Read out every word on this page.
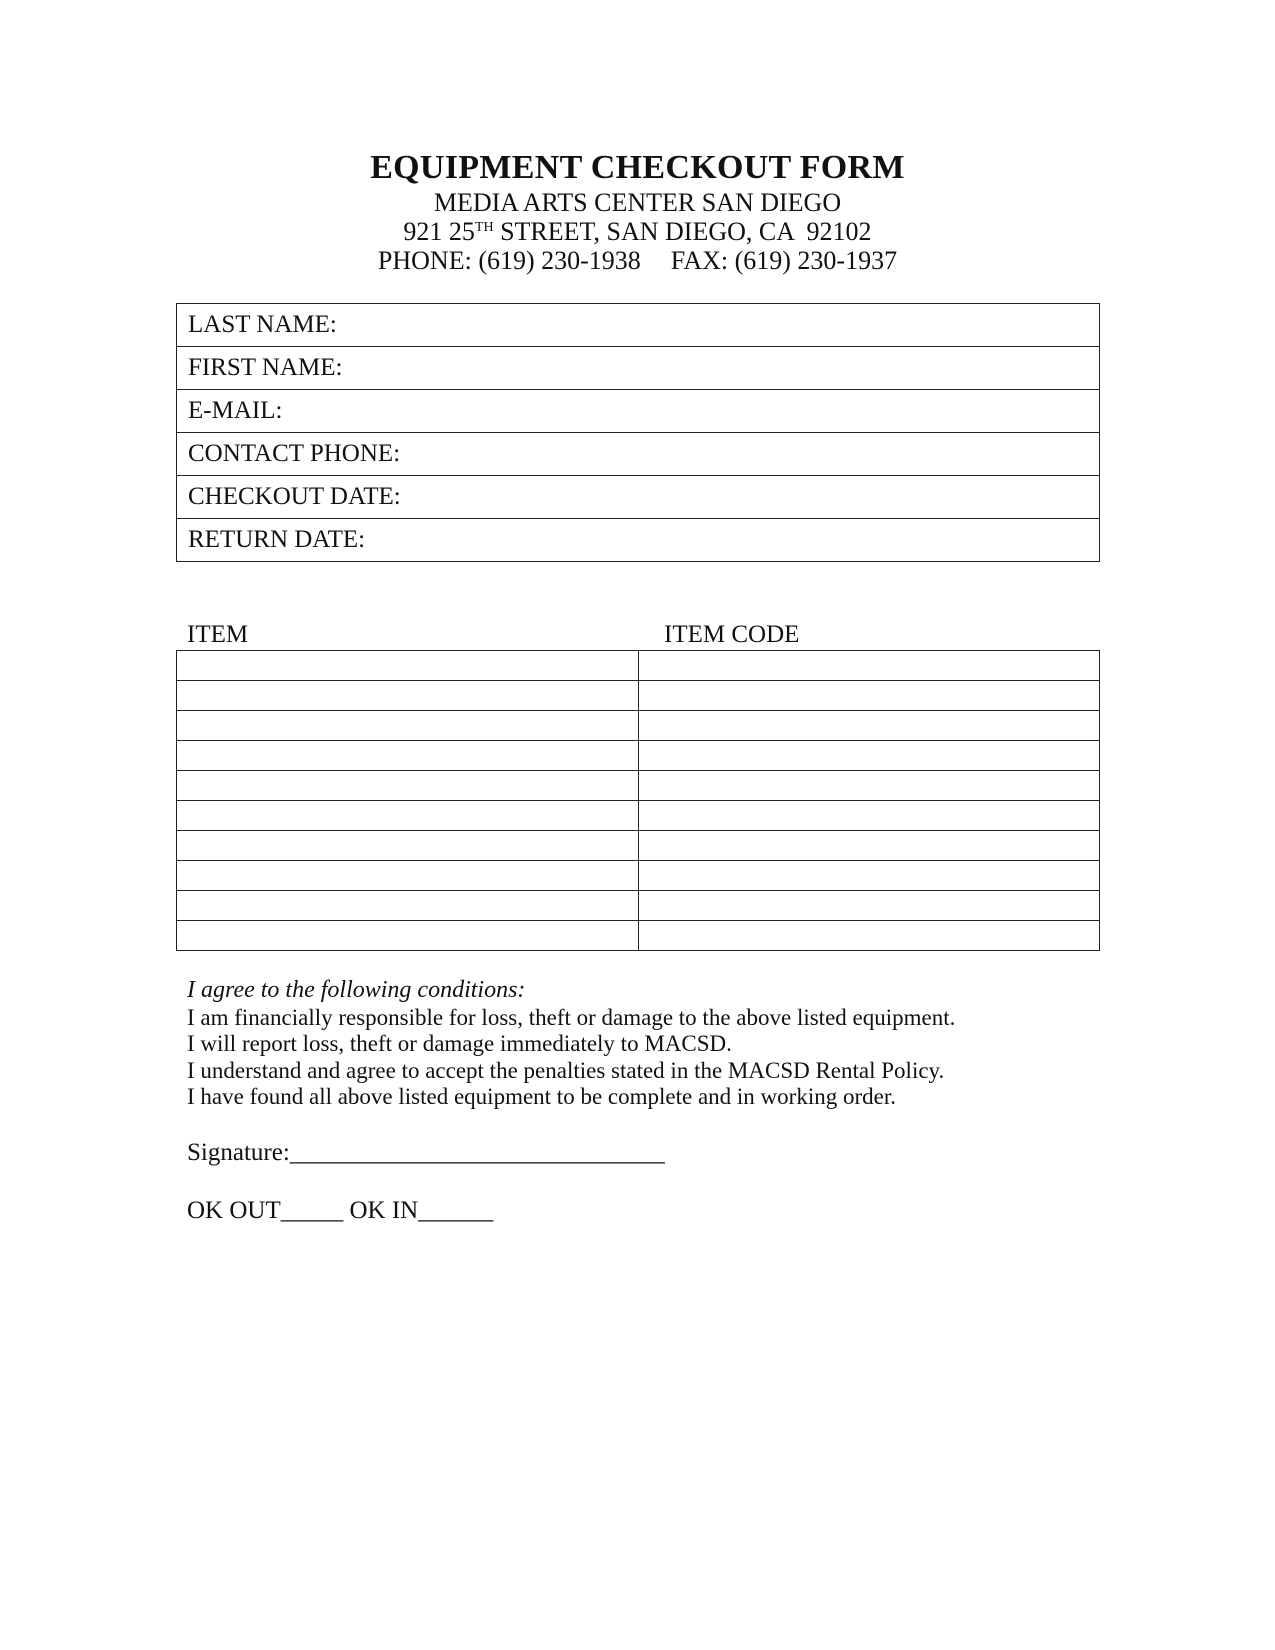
EQUIPMENT CHECKOUT FORM
MEDIA ARTS CENTER SAN DIEGO
921 25TH STREET, SAN DIEGO, CA  92102
PHONE: (619) 230-1938 FAX: (619) 230-1937
LAST NAME:
FIRST NAME:
E-MAIL:
CONTACT PHONE:
CHECKOUT DATE:
RETURN DATE:
ITEM	ITEM CODE

I agree to the following conditions:
I am financially responsible for loss, theft or damage to the above listed equipment.
I will report loss, theft or damage immediately to MACSD.
I understand and agree to accept the penalties stated in the MACSD Rental Policy.
I have found all above listed equipment to be complete and in working order.
Signature:______________________________
OK OUT_____ OK IN______
